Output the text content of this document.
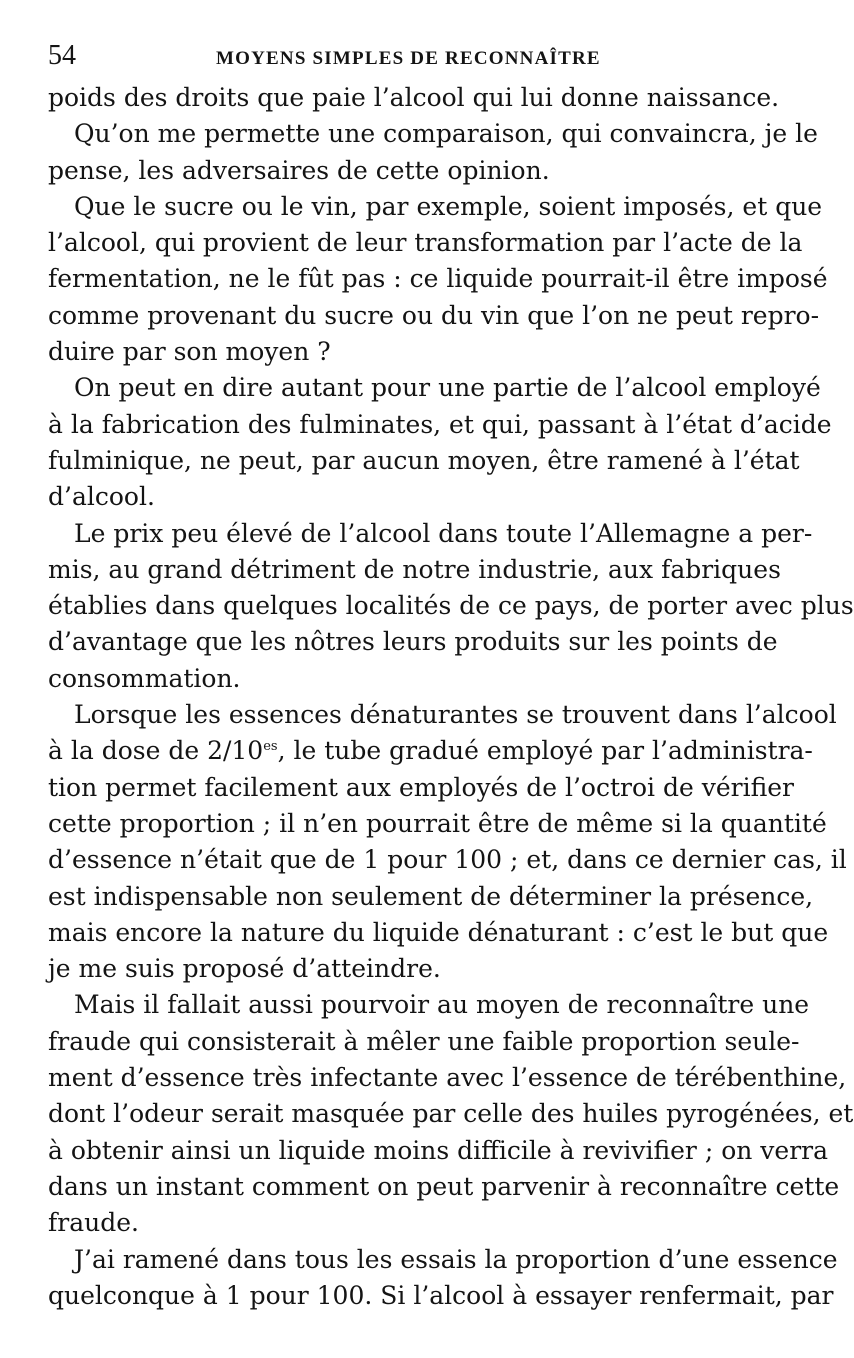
54	MOYENS SIMPLES DE RECONNAÎTRE
poids des droits que paie l’alcool qui lui donne naissance.
Qu’on me permette une comparaison, qui convaincra, je le
pense, les adversaires de cette opinion.
Que le sucre ou le vin, par exemple, soient imposés, et que
l’alcool, qui provient de leur transformation par l’acte de la
fermentation, ne le fût pas : ce liquide pourrait-il être imposé
comme provenant du sucre ou du vin que l’on ne peut repro-
duire par son moyen ?
On peut en dire autant pour une partie de l’alcool employé
à la fabrication des fulminates, et qui, passant à l’état d’acide
fulminique, ne peut, par aucun moyen, être ramené à l’état
d’alcool.
Le prix peu élevé de l’alcool dans toute l’Allemagne a per-
mis, au grand détriment de notre industrie, aux fabriques
établies dans quelques localités de ce pays, de porter avec plus
d’avantage que les nôtres leurs produits sur les points de
consommation.
Lorsque les essences dénaturantes se trouvent dans l’alcool
à la dose de $2/10^{es}$, le tube gradué employé par l’administra-
tion permet facilement aux employés de l’octroi de vérifier
cette proportion ; il n’en pourrait être de même si la quantité
d’essence n’était que de 1 pour 100 ; et, dans ce dernier cas, il
est indispensable non seulement de déterminer la présence,
mais encore la nature du liquide dénaturant : c’est le but que
je me suis proposé d’atteindre.
Mais il fallait aussi pourvoir au moyen de reconnaître une
fraude qui consisterait à mêler une faible proportion seule-
ment d’essence très infectante avec l’essence de térébenthine,
dont l’odeur serait masquée par celle des huiles pyrogénées, et
à obtenir ainsi un liquide moins difficile à revivifier ; on verra
dans un instant comment on peut parvenir à reconnaître cette
fraude.
J’ai ramené dans tous les essais la proportion d’une essence
quelconque à 1 pour 100. Si l’alcool à essayer renfermait, par
